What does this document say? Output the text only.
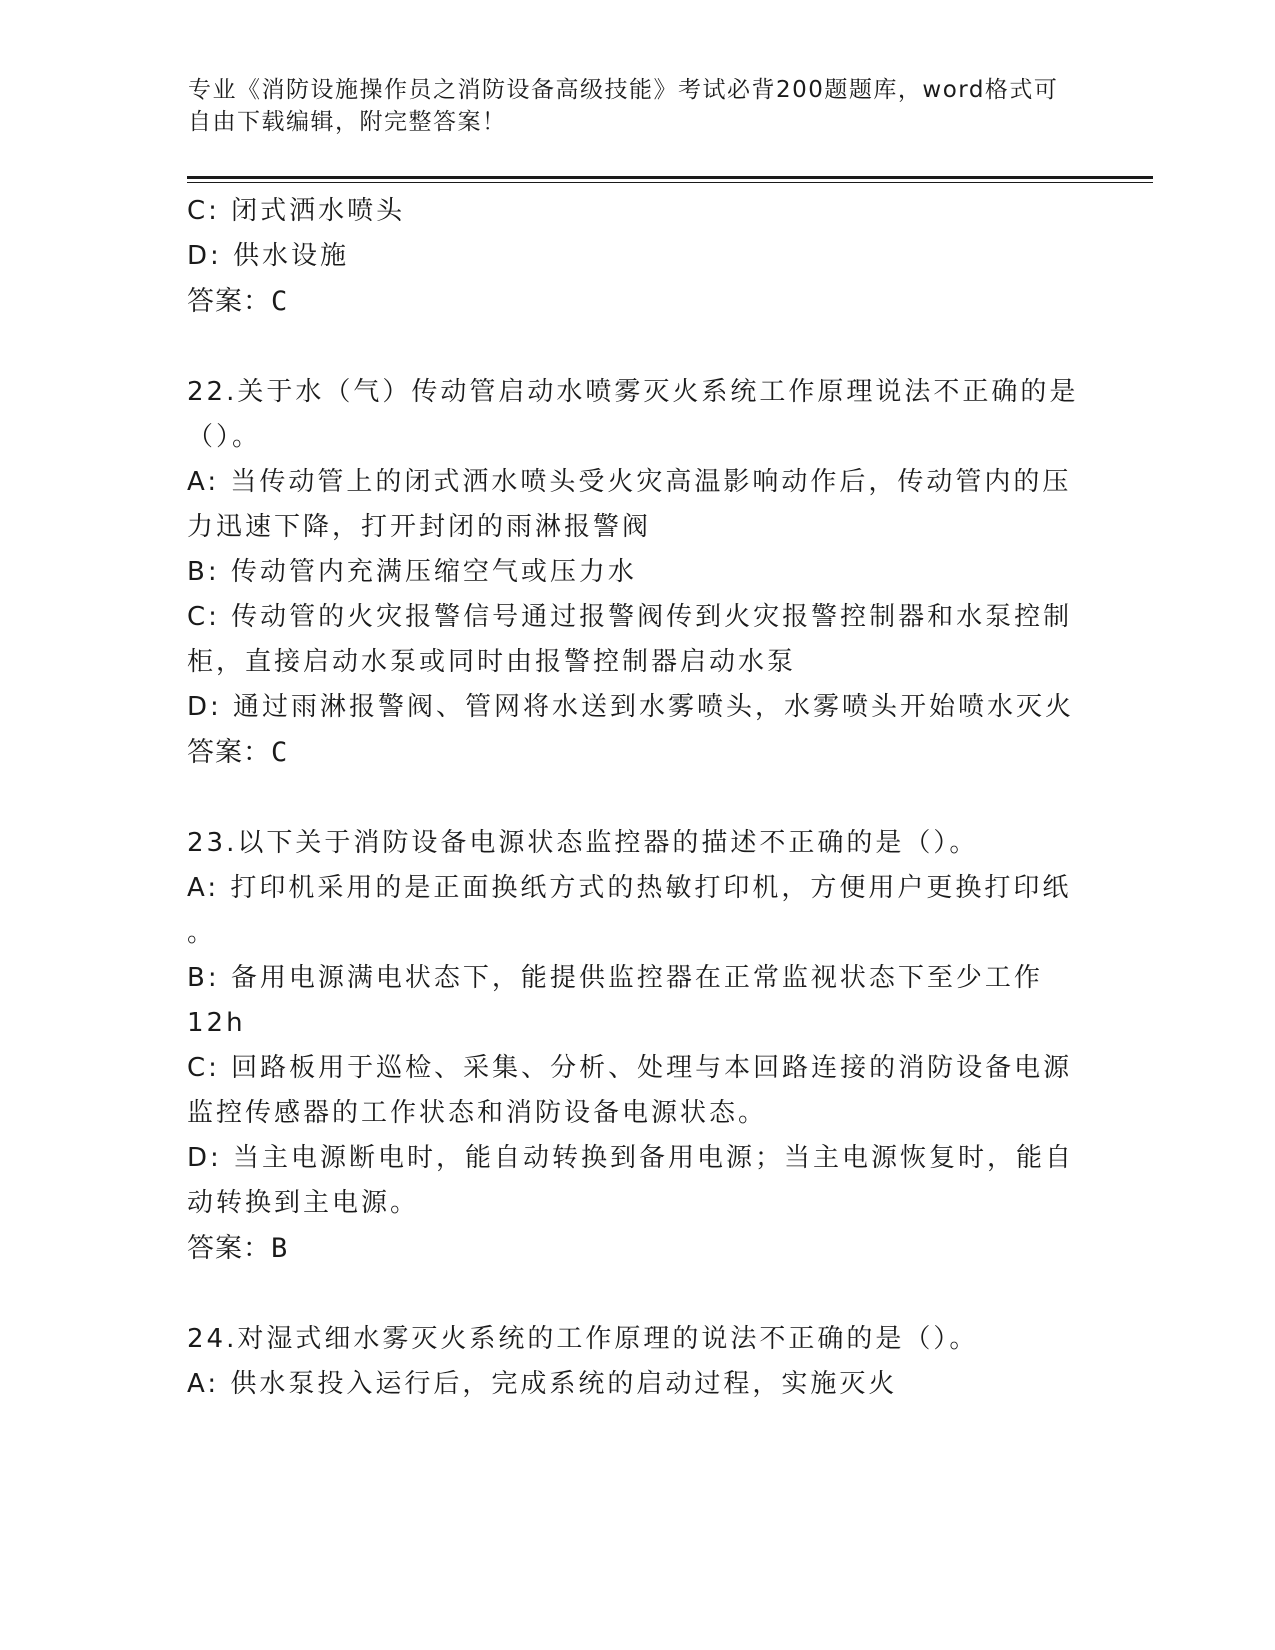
专业《消防设施操作员之消防设备高级技能》考试必背200题题库，word格式可
自由下载编辑，附完整答案！
C: 闭式洒水喷头
D: 供水设施
答案：C
22.关于水（气）传动管启动水喷雾灭火系统工作原理说法不正确的是
（）。
A: 当传动管上的闭式洒水喷头受火灾高温影响动作后，传动管内的压
力迅速下降，打开封闭的雨淋报警阀
B: 传动管内充满压缩空气或压力水
C: 传动管的火灾报警信号通过报警阀传到火灾报警控制器和水泵控制
柜，直接启动水泵或同时由报警控制器启动水泵
D: 通过雨淋报警阀、管网将水送到水雾喷头，水雾喷头开始喷水灭火
答案：C
23.以下关于消防设备电源状态监控器的描述不正确的是（）。
A: 打印机采用的是正面换纸方式的热敏打印机，方便用户更换打印纸
。
B: 备用电源满电状态下，能提供监控器在正常监视状态下至少工作
12h
C: 回路板用于巡检、采集、分析、处理与本回路连接的消防设备电源
监控传感器的工作状态和消防设备电源状态。
D: 当主电源断电时，能自动转换到备用电源；当主电源恢复时，能自
动转换到主电源。
答案：B
24.对湿式细水雾灭火系统的工作原理的说法不正确的是（）。
A: 供水泵投入运行后，完成系统的启动过程，实施灭火
